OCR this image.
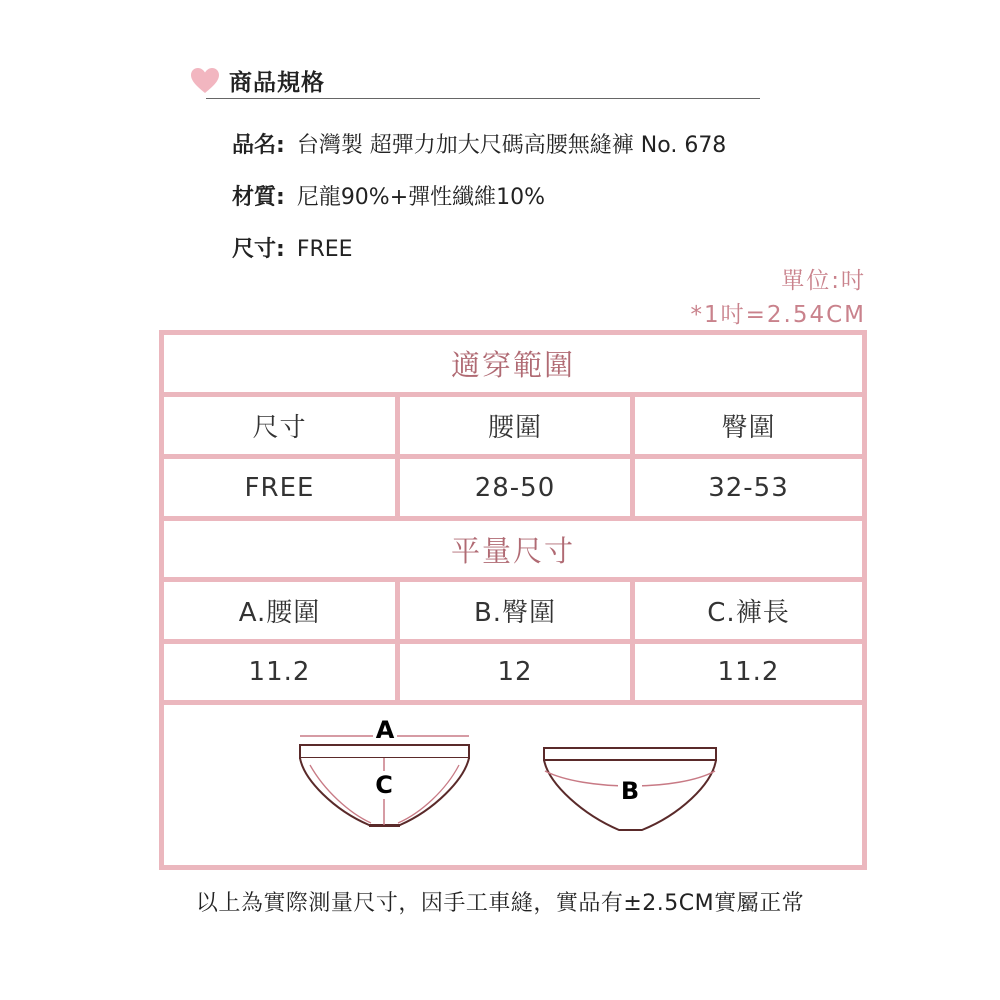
商品規格
品名: 台灣製 超彈力加大尺碼高腰無縫褲 No. 678
材質: 尼龍90%+彈性纖維10%
尺寸: FREE
單位:吋
*1吋=2.54CM
適穿範圍
尺寸	腰圍	臀圍
FREE	28-50	32-53
平量尺寸
A.腰圍	B.臀圍	C.褲長
11.2	12	11.2
A
C	B
以上為實際測量尺寸，因手工車縫，實品有±2.5CM實屬正常
